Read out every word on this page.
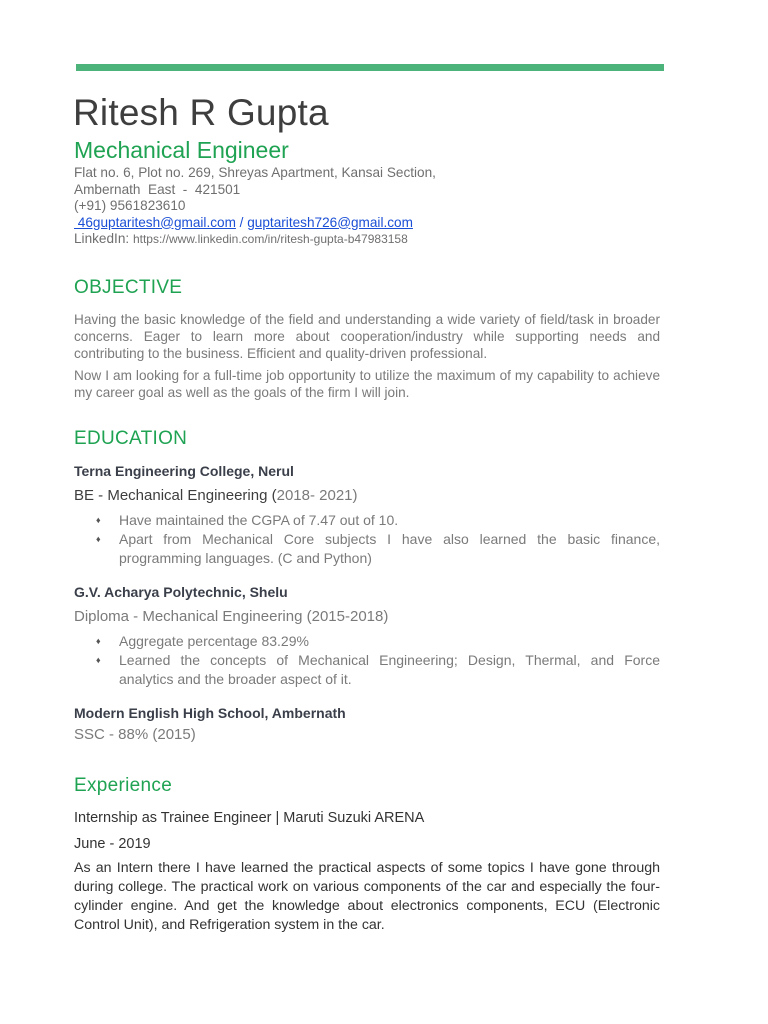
Ritesh R Gupta
Mechanical Engineer
Flat no. 6, Plot no. 269, Shreyas Apartment, Kansai Section,
Ambernath  East  -  421501
(+91) 9561823610
46guptaritesh@gmail.com / guptaritesh726@gmail.com
LinkedIn: https://www.linkedin.com/in/ritesh-gupta-b47983158
OBJECTIVE
Having the basic knowledge of the field and understanding a wide variety of field/task in broader concerns. Eager to learn more about cooperation/industry while supporting needs and contributing to the business. Efficient and quality-driven professional.
Now I am looking for a full-time job opportunity to utilize the maximum of my capability to achieve my career goal as well as the goals of the firm I will join.
EDUCATION
Terna Engineering College, Nerul
BE - Mechanical Engineering (2018- 2021)
♦ Have maintained the CGPA of 7.47 out of 10.
♦ Apart from Mechanical Core subjects I have also learned the basic finance, programming languages. (C and Python)
G.V. Acharya Polytechnic, Shelu
Diploma - Mechanical Engineering (2015-2018)
♦ Aggregate percentage 83.29%
♦ Learned the concepts of Mechanical Engineering; Design, Thermal, and Force analytics and the broader aspect of it.
Modern English High School, Ambernath
SSC - 88% (2015)
Experience
Internship as Trainee Engineer | Maruti Suzuki ARENA
June - 2019
As an Intern there I have learned the practical aspects of some topics I have gone through during college. The practical work on various components of the car and especially the four-cylinder engine. And get the knowledge about electronics components, ECU (Electronic Control Unit), and Refrigeration system in the car.
